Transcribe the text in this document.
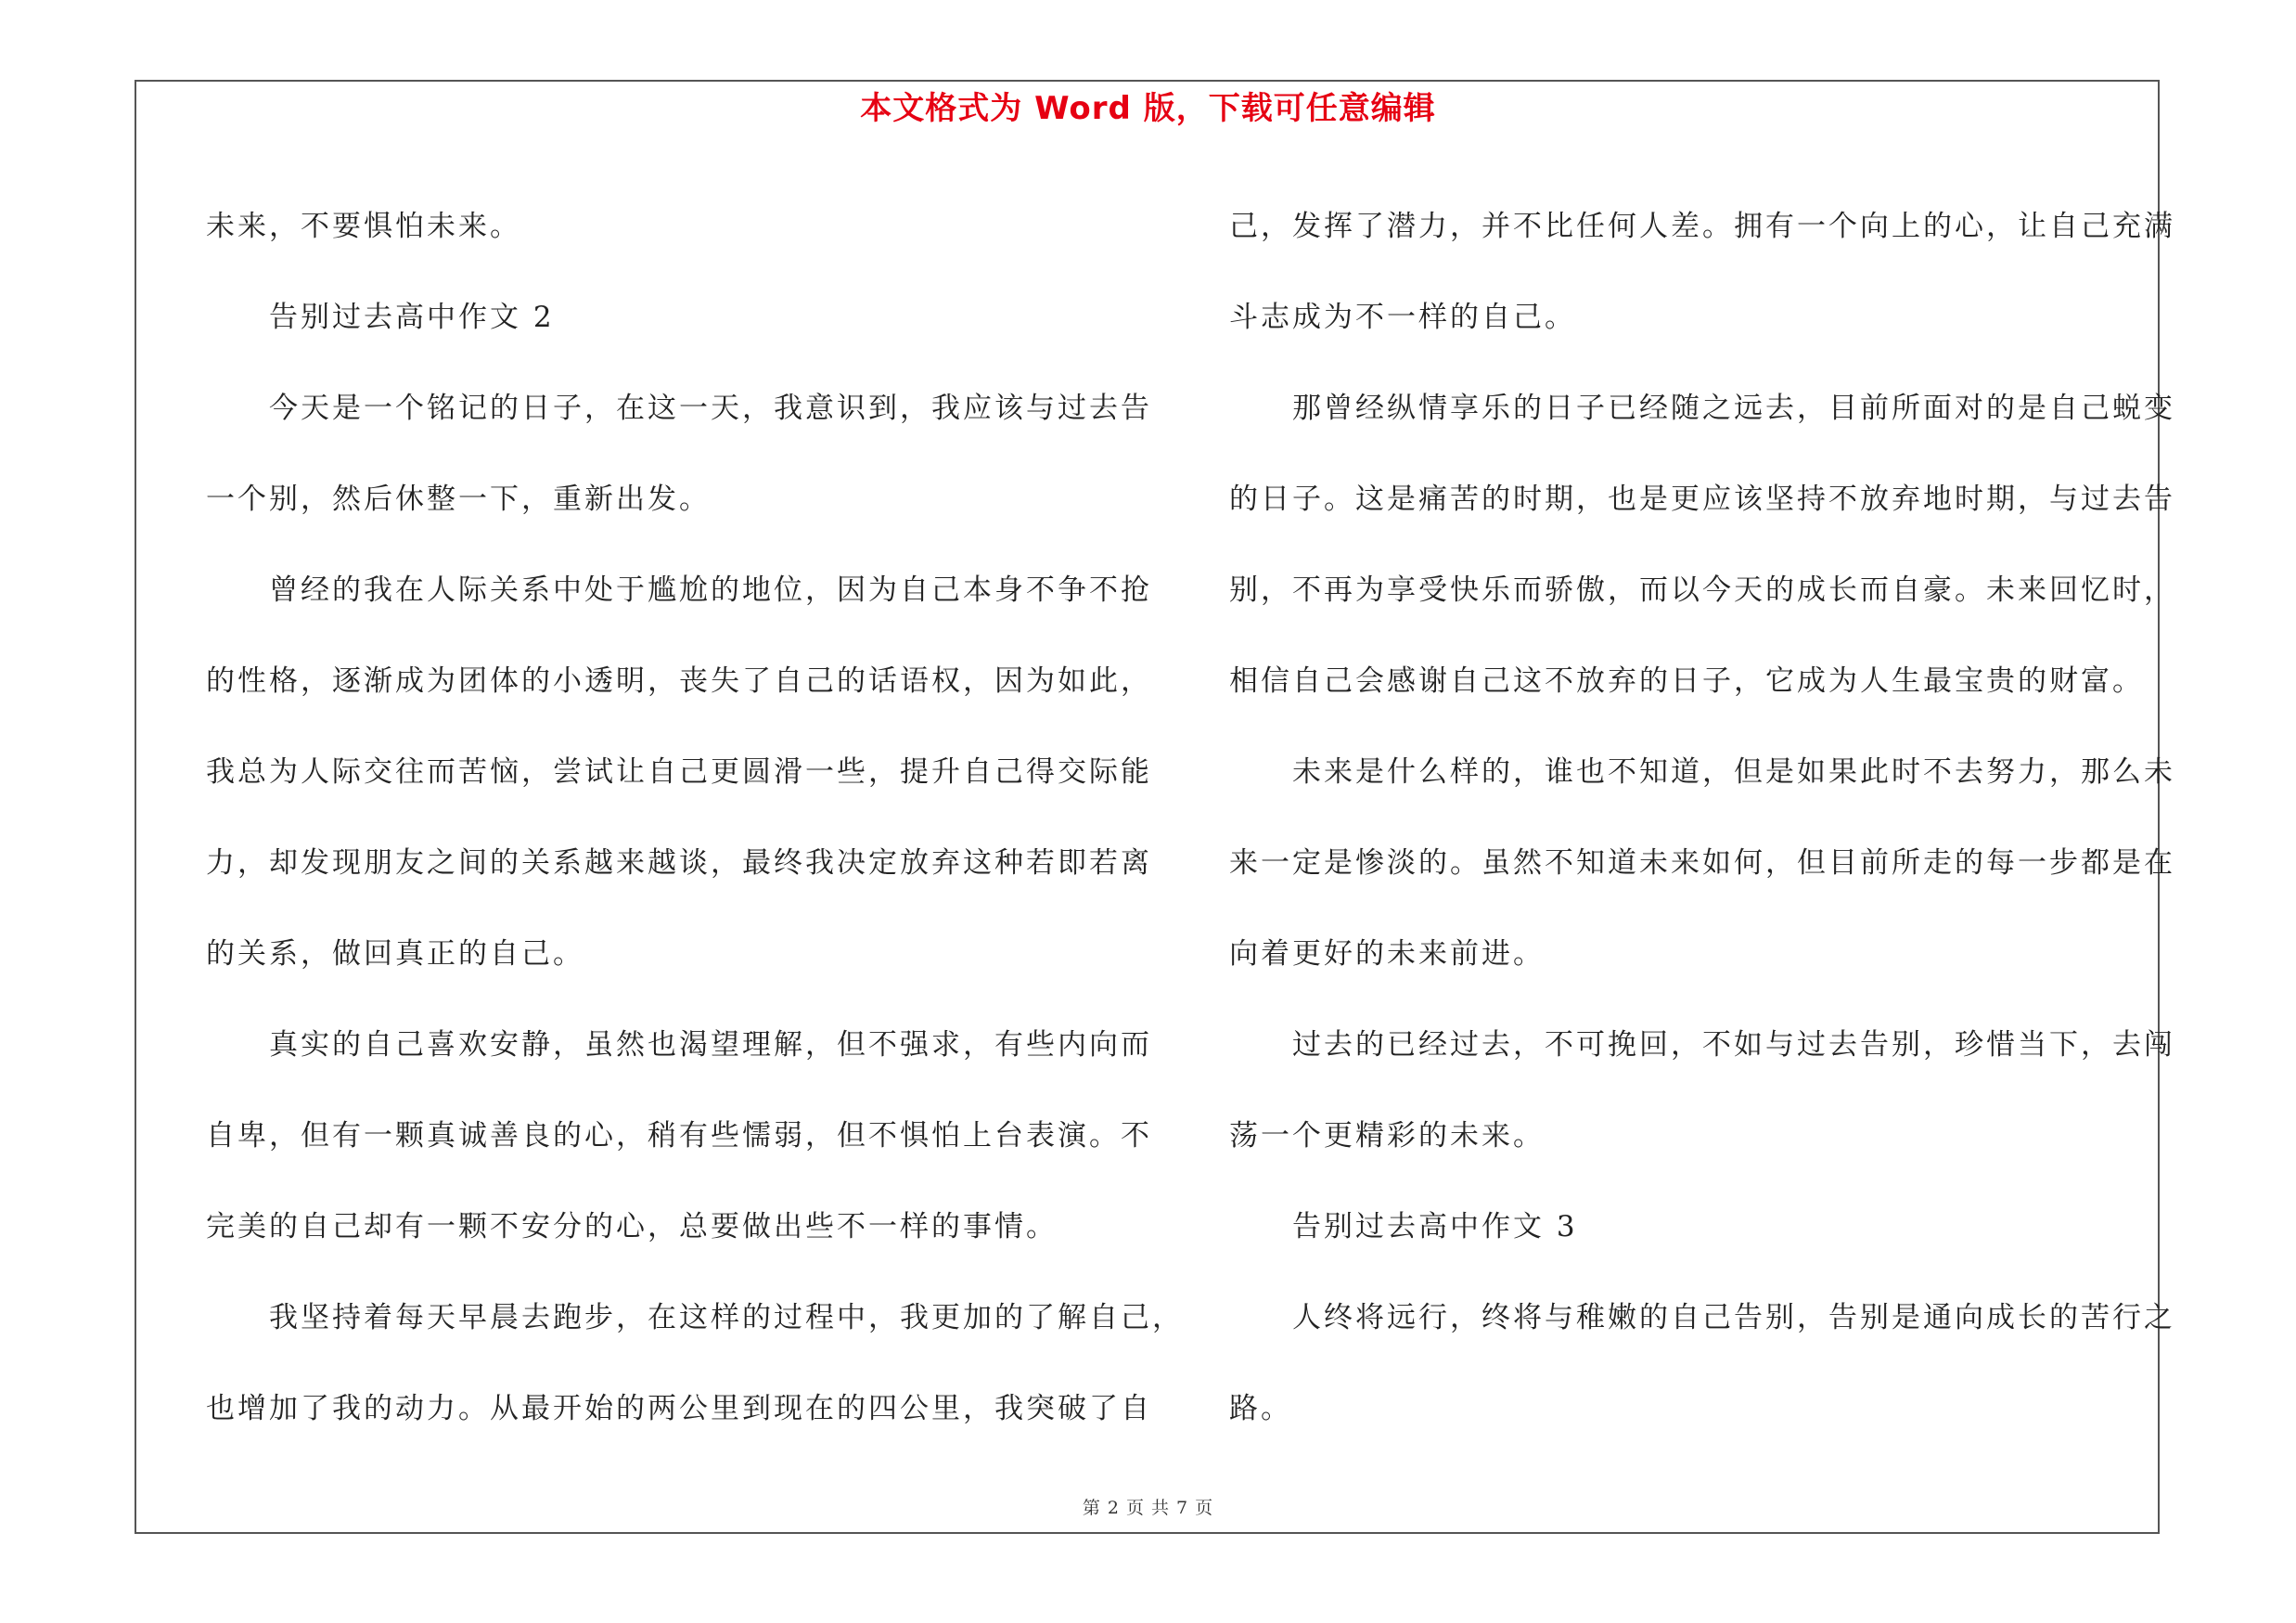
本文格式为 Word 版，下载可任意编辑

未来，不要惧怕未来。

告别过去高中作文 2

今天是一个铭记的日子，在这一天，我意识到，我应该与过去告

一个别，然后休整一下，重新出发。

曾经的我在人际关系中处于尴尬的地位，因为自己本身不争不抢

的性格，逐渐成为团体的小透明，丧失了自己的话语权，因为如此，

我总为人际交往而苦恼，尝试让自己更圆滑一些，提升自己得交际能

力，却发现朋友之间的关系越来越谈，最终我决定放弃这种若即若离

的关系，做回真正的自己。

真实的自己喜欢安静，虽然也渴望理解，但不强求，有些内向而

自卑，但有一颗真诚善良的心，稍有些懦弱，但不惧怕上台表演。不

完美的自己却有一颗不安分的心，总要做出些不一样的事情。

我坚持着每天早晨去跑步，在这样的过程中，我更加的了解自己，

也增加了我的动力。从最开始的两公里到现在的四公里，我突破了自

己，发挥了潜力，并不比任何人差。拥有一个向上的心，让自己充满

斗志成为不一样的自己。

那曾经纵情享乐的日子已经随之远去，目前所面对的是自己蜕变

的日子。这是痛苦的时期，也是更应该坚持不放弃地时期，与过去告

别，不再为享受快乐而骄傲，而以今天的成长而自豪。未来回忆时，

相信自己会感谢自己这不放弃的日子，它成为人生最宝贵的财富。

未来是什么样的，谁也不知道，但是如果此时不去努力，那么未

来一定是惨淡的。虽然不知道未来如何，但目前所走的每一步都是在

向着更好的未来前进。

过去的已经过去，不可挽回，不如与过去告别，珍惜当下，去闯

荡一个更精彩的未来。

告别过去高中作文 3

人终将远行，终将与稚嫩的自己告别，告别是通向成长的苦行之

路。

第 2 页 共 7 页
